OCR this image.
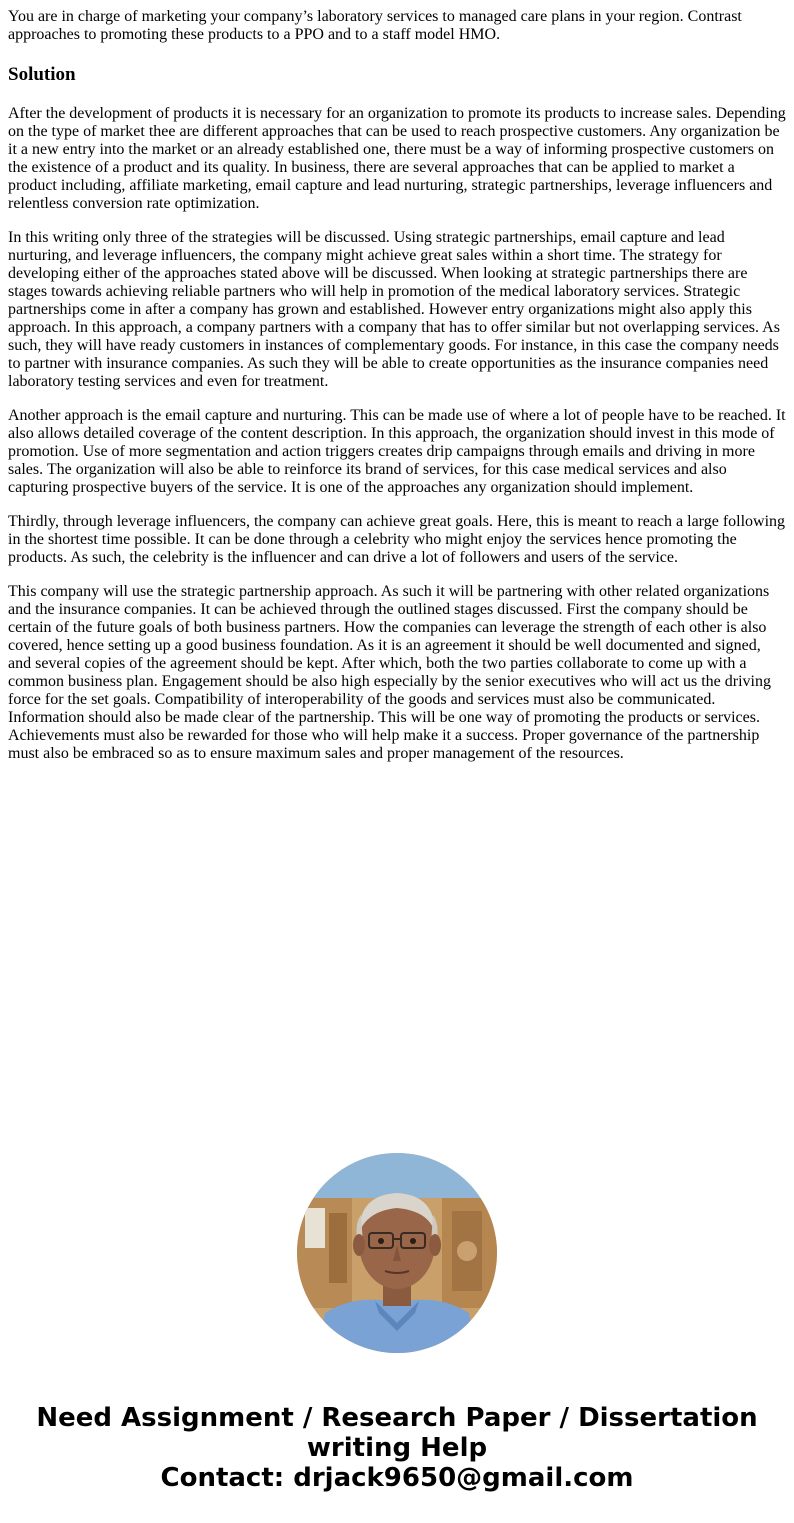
You are in charge of marketing your company’s laboratory services to managed care plans in your region. Contrast approaches to promoting these products to a PPO and to a staff model HMO.

Solution

After the development of products it is necessary for an organization to promote its products to increase sales. Depending on the type of market thee are different approaches that can be used to reach prospective customers. Any organization be it a new entry into the market or an already established one, there must be a way of informing prospective customers on the existence of a product and its quality. In business, there are several approaches that can be applied to market a product including, affiliate marketing, email capture and lead nurturing, strategic partnerships, leverage influencers and relentless conversion rate optimization.

In this writing only three of the strategies will be discussed. Using strategic partnerships, email capture and lead nurturing, and leverage influencers, the company might achieve great sales within a short time. The strategy for developing either of the approaches stated above will be discussed. When looking at strategic partnerships there are stages towards achieving reliable partners who will help in promotion of the medical laboratory services. Strategic partnerships come in after a company has grown and established. However entry organizations might also apply this approach. In this approach, a company partners with a company that has to offer similar but not overlapping services. As such, they will have ready customers in instances of complementary goods. For instance, in this case the company needs to partner with insurance companies. As such they will be able to create opportunities as the insurance companies need laboratory testing services and even for treatment.

Another approach is the email capture and nurturing. This can be made use of where a lot of people have to be reached. It also allows detailed coverage of the content description. In this approach, the organization should invest in this mode of promotion. Use of more segmentation and action triggers creates drip campaigns through emails and driving in more sales. The organization will also be able to reinforce its brand of services, for this case medical services and also capturing prospective buyers of the service. It is one of the approaches any organization should implement.

Thirdly, through leverage influencers, the company can achieve great goals. Here, this is meant to reach a large following in the shortest time possible. It can be done through a celebrity who might enjoy the services hence promoting the products. As such, the celebrity is the influencer and can drive a lot of followers and users of the service.

This company will use the strategic partnership approach. As such it will be partnering with other related organizations and the insurance companies. It can be achieved through the outlined stages discussed. First the company should be certain of the future goals of both business partners. How the companies can leverage the strength of each other is also covered, hence setting up a good business foundation. As it is an agreement it should be well documented and signed, and several copies of the agreement should be kept. After which, both the two parties collaborate to come up with a common business plan. Engagement should be also high especially by the senior executives who will act us the driving force for the set goals. Compatibility of interoperability of the goods and services must also be communicated. Information should also be made clear of the partnership. This will be one way of promoting the products or services. Achievements must also be rewarded for those who will help make it a success. Proper governance of the partnership must also be embraced so as to ensure maximum sales and proper management of the resources.

Need Assignment / Research Paper / Dissertation
writing Help
Contact: drjack9650@gmail.com
